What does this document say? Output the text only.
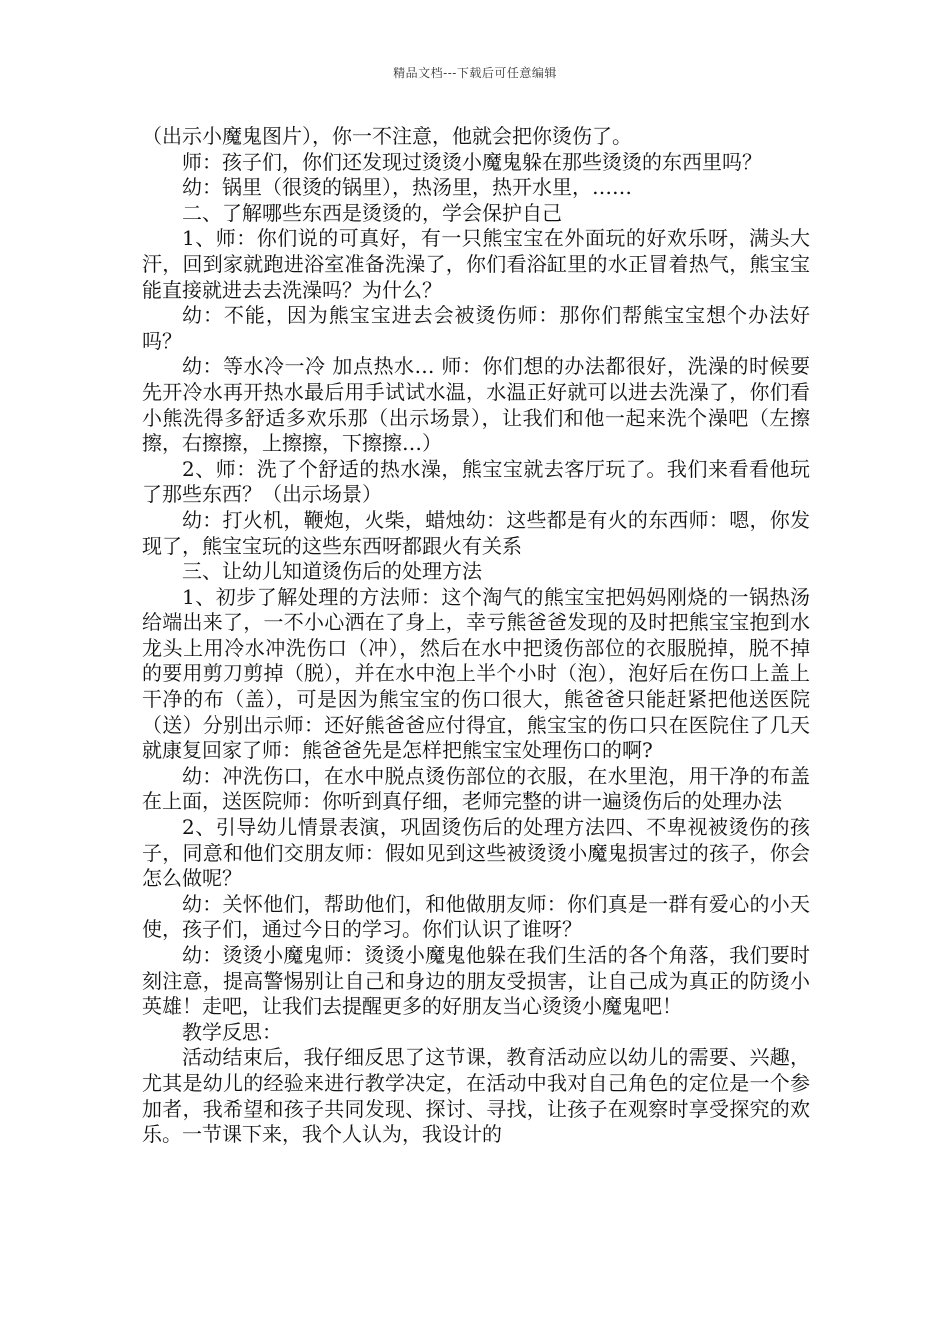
精品文档---下载后可任意编辑

（出示小魔鬼图片），你一不注意，他就会把你烫伤了。

师：孩子们，你们还发现过烫烫小魔鬼躲在那些烫烫的东西里吗？

幼：锅里（很烫的锅里），热汤里，热开水里，……

二、了解哪些东西是烫烫的，学会保护自己

1、师：你们说的可真好，有一只熊宝宝在外面玩的好欢乐呀，满头大汗，回到家就跑进浴室准备洗澡了，你们看浴缸里的水正冒着热气，熊宝宝能直接就进去去洗澡吗？为什么？

幼：不能，因为熊宝宝进去会被烫伤师：那你们帮熊宝宝想个办法好吗？

幼：等水冷一冷 加点热水… 师：你们想的办法都很好，洗澡的时候要先开冷水再开热水最后用手试试水温，水温正好就可以进去洗澡了，你们看小熊洗得多舒适多欢乐那（出示场景），让我们和他一起来洗个澡吧（左擦擦，右擦擦，上擦擦，下擦擦…）

2、师：洗了个舒适的热水澡，熊宝宝就去客厅玩了。我们来看看他玩了那些东西？（出示场景）

幼：打火机，鞭炮，火柴，蜡烛幼：这些都是有火的东西师：嗯，你发现了，熊宝宝玩的这些东西呀都跟火有关系

三、让幼儿知道烫伤后的处理方法

1、初步了解处理的方法师：这个淘气的熊宝宝把妈妈刚烧的一锅热汤给端出来了，一不小心洒在了身上，幸亏熊爸爸发现的及时把熊宝宝抱到水龙头上用冷水冲洗伤口（冲），然后在水中把烫伤部位的衣服脱掉，脱不掉的要用剪刀剪掉（脱），并在水中泡上半个小时（泡），泡好后在伤口上盖上干净的布（盖），可是因为熊宝宝的伤口很大，熊爸爸只能赶紧把他送医院（送）分别出示师：还好熊爸爸应付得宜，熊宝宝的伤口只在医院住了几天就康复回家了师：熊爸爸先是怎样把熊宝宝处理伤口的啊?

幼：冲洗伤口，在水中脱点烫伤部位的衣服，在水里泡，用干净的布盖在上面，送医院师：你听到真仔细，老师完整的讲一遍烫伤后的处理办法

2、引导幼儿情景表演，巩固烫伤后的处理方法四、不卑视被烫伤的孩子，同意和他们交朋友师：假如见到这些被烫烫小魔鬼损害过的孩子，你会怎么做呢？

幼：关怀他们，帮助他们，和他做朋友师：你们真是一群有爱心的小天使，孩子们，通过今日的学习。你们认识了谁呀？

幼：烫烫小魔鬼师：烫烫小魔鬼他躲在我们生活的各个角落，我们要时刻注意，提高警惕别让自己和身边的朋友受损害，让自己成为真正的防烫小英雄！走吧，让我们去提醒更多的好朋友当心烫烫小魔鬼吧！

教学反思：

活动结束后，我仔细反思了这节课，教育活动应以幼儿的需要、兴趣，尤其是幼儿的经验来进行教学决定，在活动中我对自己角色的定位是一个参加者，我希望和孩子共同发现、探讨、寻找，让孩子在观察时享受探究的欢乐。一节课下来，我个人认为，我设计的
